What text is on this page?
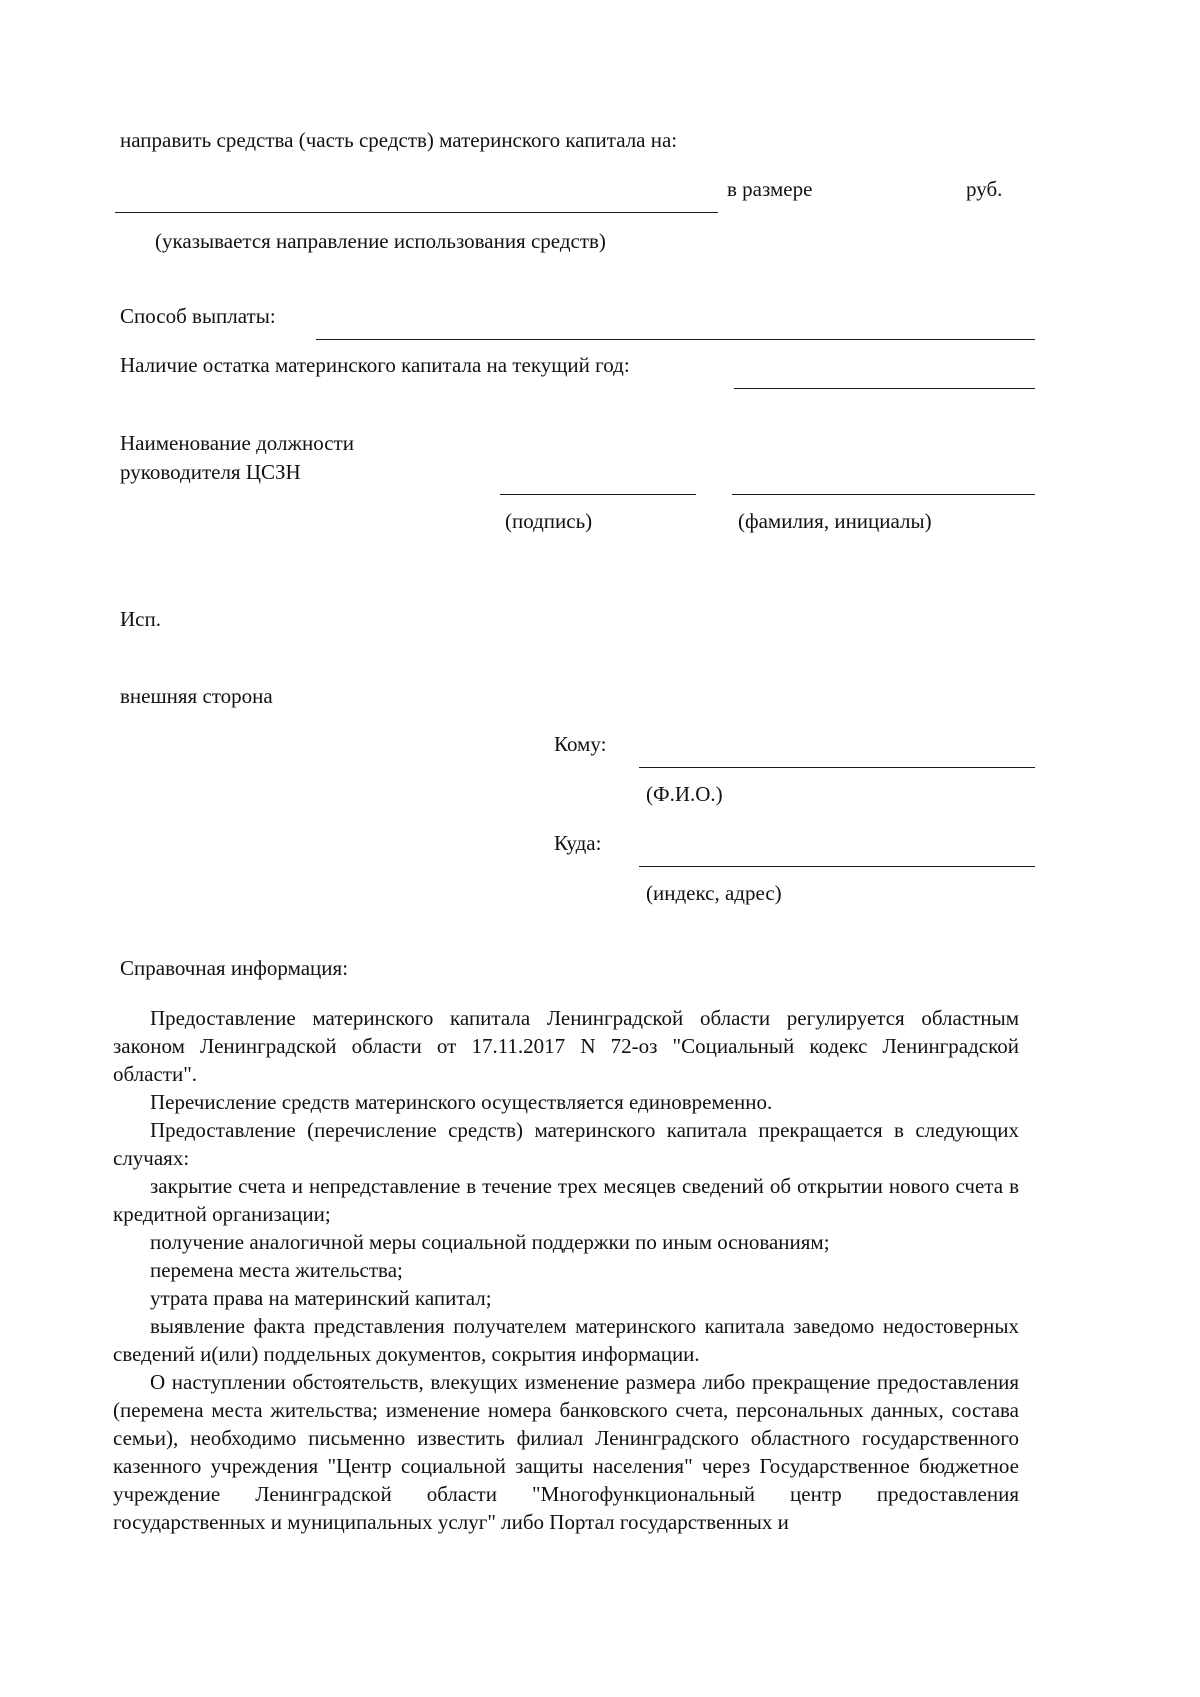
направить средства (часть средств) материнского капитала на:
в размере	руб.
(указывается направление использования средств)
Способ выплаты:
Наличие остатка материнского капитала на текущий год:
Наименование должности
руководителя ЦСЗН
(подпись)	(фамилия, инициалы)
Исп.
внешняя сторона
Кому:
(Ф.И.О.)
Куда:
(индекс, адрес)
Справочная информация:
Предоставление материнского капитала Ленинградской области регулируется областным законом Ленинградской области от 17.11.2017 N 72-оз "Социальный кодекс Ленинградской области".
Перечисление средств материнского осуществляется единовременно.
Предоставление (перечисление средств) материнского капитала прекращается в следующих случаях:
закрытие счета и непредставление в течение трех месяцев сведений об открытии нового счета в кредитной организации;
получение аналогичной меры социальной поддержки по иным основаниям;
перемена места жительства;
утрата права на материнский капитал;
выявление факта представления получателем материнского капитала заведомо недостоверных сведений и(или) поддельных документов, сокрытия информации.
О наступлении обстоятельств, влекущих изменение размера либо прекращение предоставления (перемена места жительства; изменение номера банковского счета, персональных данных, состава семьи), необходимо письменно известить филиал Ленинградского областного государственного казенного учреждения "Центр социальной защиты населения" через Государственное бюджетное учреждение Ленинградской области "Многофункциональный центр предоставления государственных и муниципальных услуг" либо Портал государственных и
